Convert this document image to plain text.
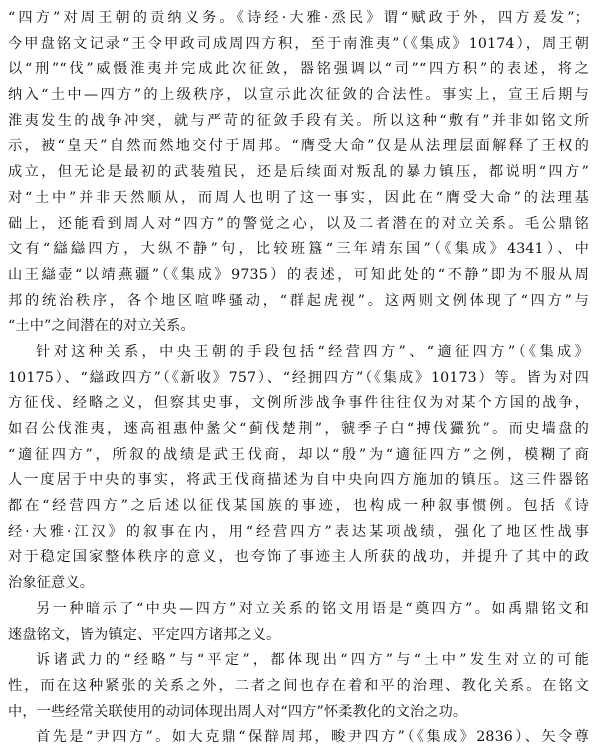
“四方”对周王朝的贡纳义务。《诗经·大雅·烝民》谓“赋政于外，四方爰发”；
今甲盘铭文记录“王令甲政司成周四方积，至于南淮夷”（《集成》10174），周王朝
以“刑”“伐”威慑淮夷并完成此次征敛，器铭强调以“司”“四方积”的表述，将之
纳入“土中—四方”的上级秩序，以宣示此次征敛的合法性。事实上，宣王后期与
淮夷发生的战争冲突，就与严苛的征敛手段有关。所以这种“敷有”并非如铭文所
示，被“皇天”自然而然地交付于周邦。“膺受大命”仅是从法理层面解释了王权的
成立，但无论是最初的武装殖民，还是后续面对叛乱的暴力镇压，都说明“四方”
对“土中”并非天然顺从，而周人也明了这一事实，因此在“膺受大命”的法理基
础上，还能看到周人对“四方”的警觉之心，以及二者潜在的对立关系。毛公鼎铭
文有“䜌䜌四方，大纵不静”句，比较班簋“三年靖东国”（《集成》4341）、中
山王䜌壶“以靖燕疆”（《集成》9735）的表述，可知此处的“不静”即为不服从周
邦的统治秩序，各个地区喧哗骚动，“群起虎视”。这两则文例体现了“四方”与
“土中”之间潜在的对立关系。
针对这种关系，中央王朝的手段包括“经营四方”、“適征四方”（《集成》
10175）、“䜌政四方”（《新收》757）、“经拥四方”（《集成》10173）等。皆为对四
方征伐、经略之义，但察其史事，文例所涉战争事件往往仅为对某个方国的战争，
如召公伐淮夷，逨高祖惠仲盠父“蓟伐楚荆”，虢季子白“搏伐玁狁”。而史墙盘的
“適征四方”，所叙的战绩是武王伐商，却以“殷”为“適征四方”之例，模糊了商
人一度居于中央的事实，将武王伐商描述为自中央向四方施加的镇压。这三件器铭
都在“经营四方”之后述以征伐某国族的事迹，也构成一种叙事惯例。包括《诗
经·大雅·江汉》的叙事在内，用“经营四方”表达某项战绩，强化了地区性战事
对于稳定国家整体秩序的意义，也夸饰了事迹主人所获的战功，并提升了其中的政
治象征意义。
另一种暗示了“中央—四方”对立关系的铭文用语是“奠四方”。如禹鼎铭文和
逨盘铭文，皆为镇定、平定四方诸邦之义。
诉诸武力的“经略”与“平定”，都体现出“四方”与“土中”发生对立的可能
性，而在这种紧张的关系之外，二者之间也存在着和平的治理、教化关系。在铭文
中，一些经常关联使用的动词体现出周人对“四方”怀柔教化的文治之功。
首先是“尹四方”。如大克鼎“保辥周邦，畯尹四方”（《集成》2836）、矢令尊
